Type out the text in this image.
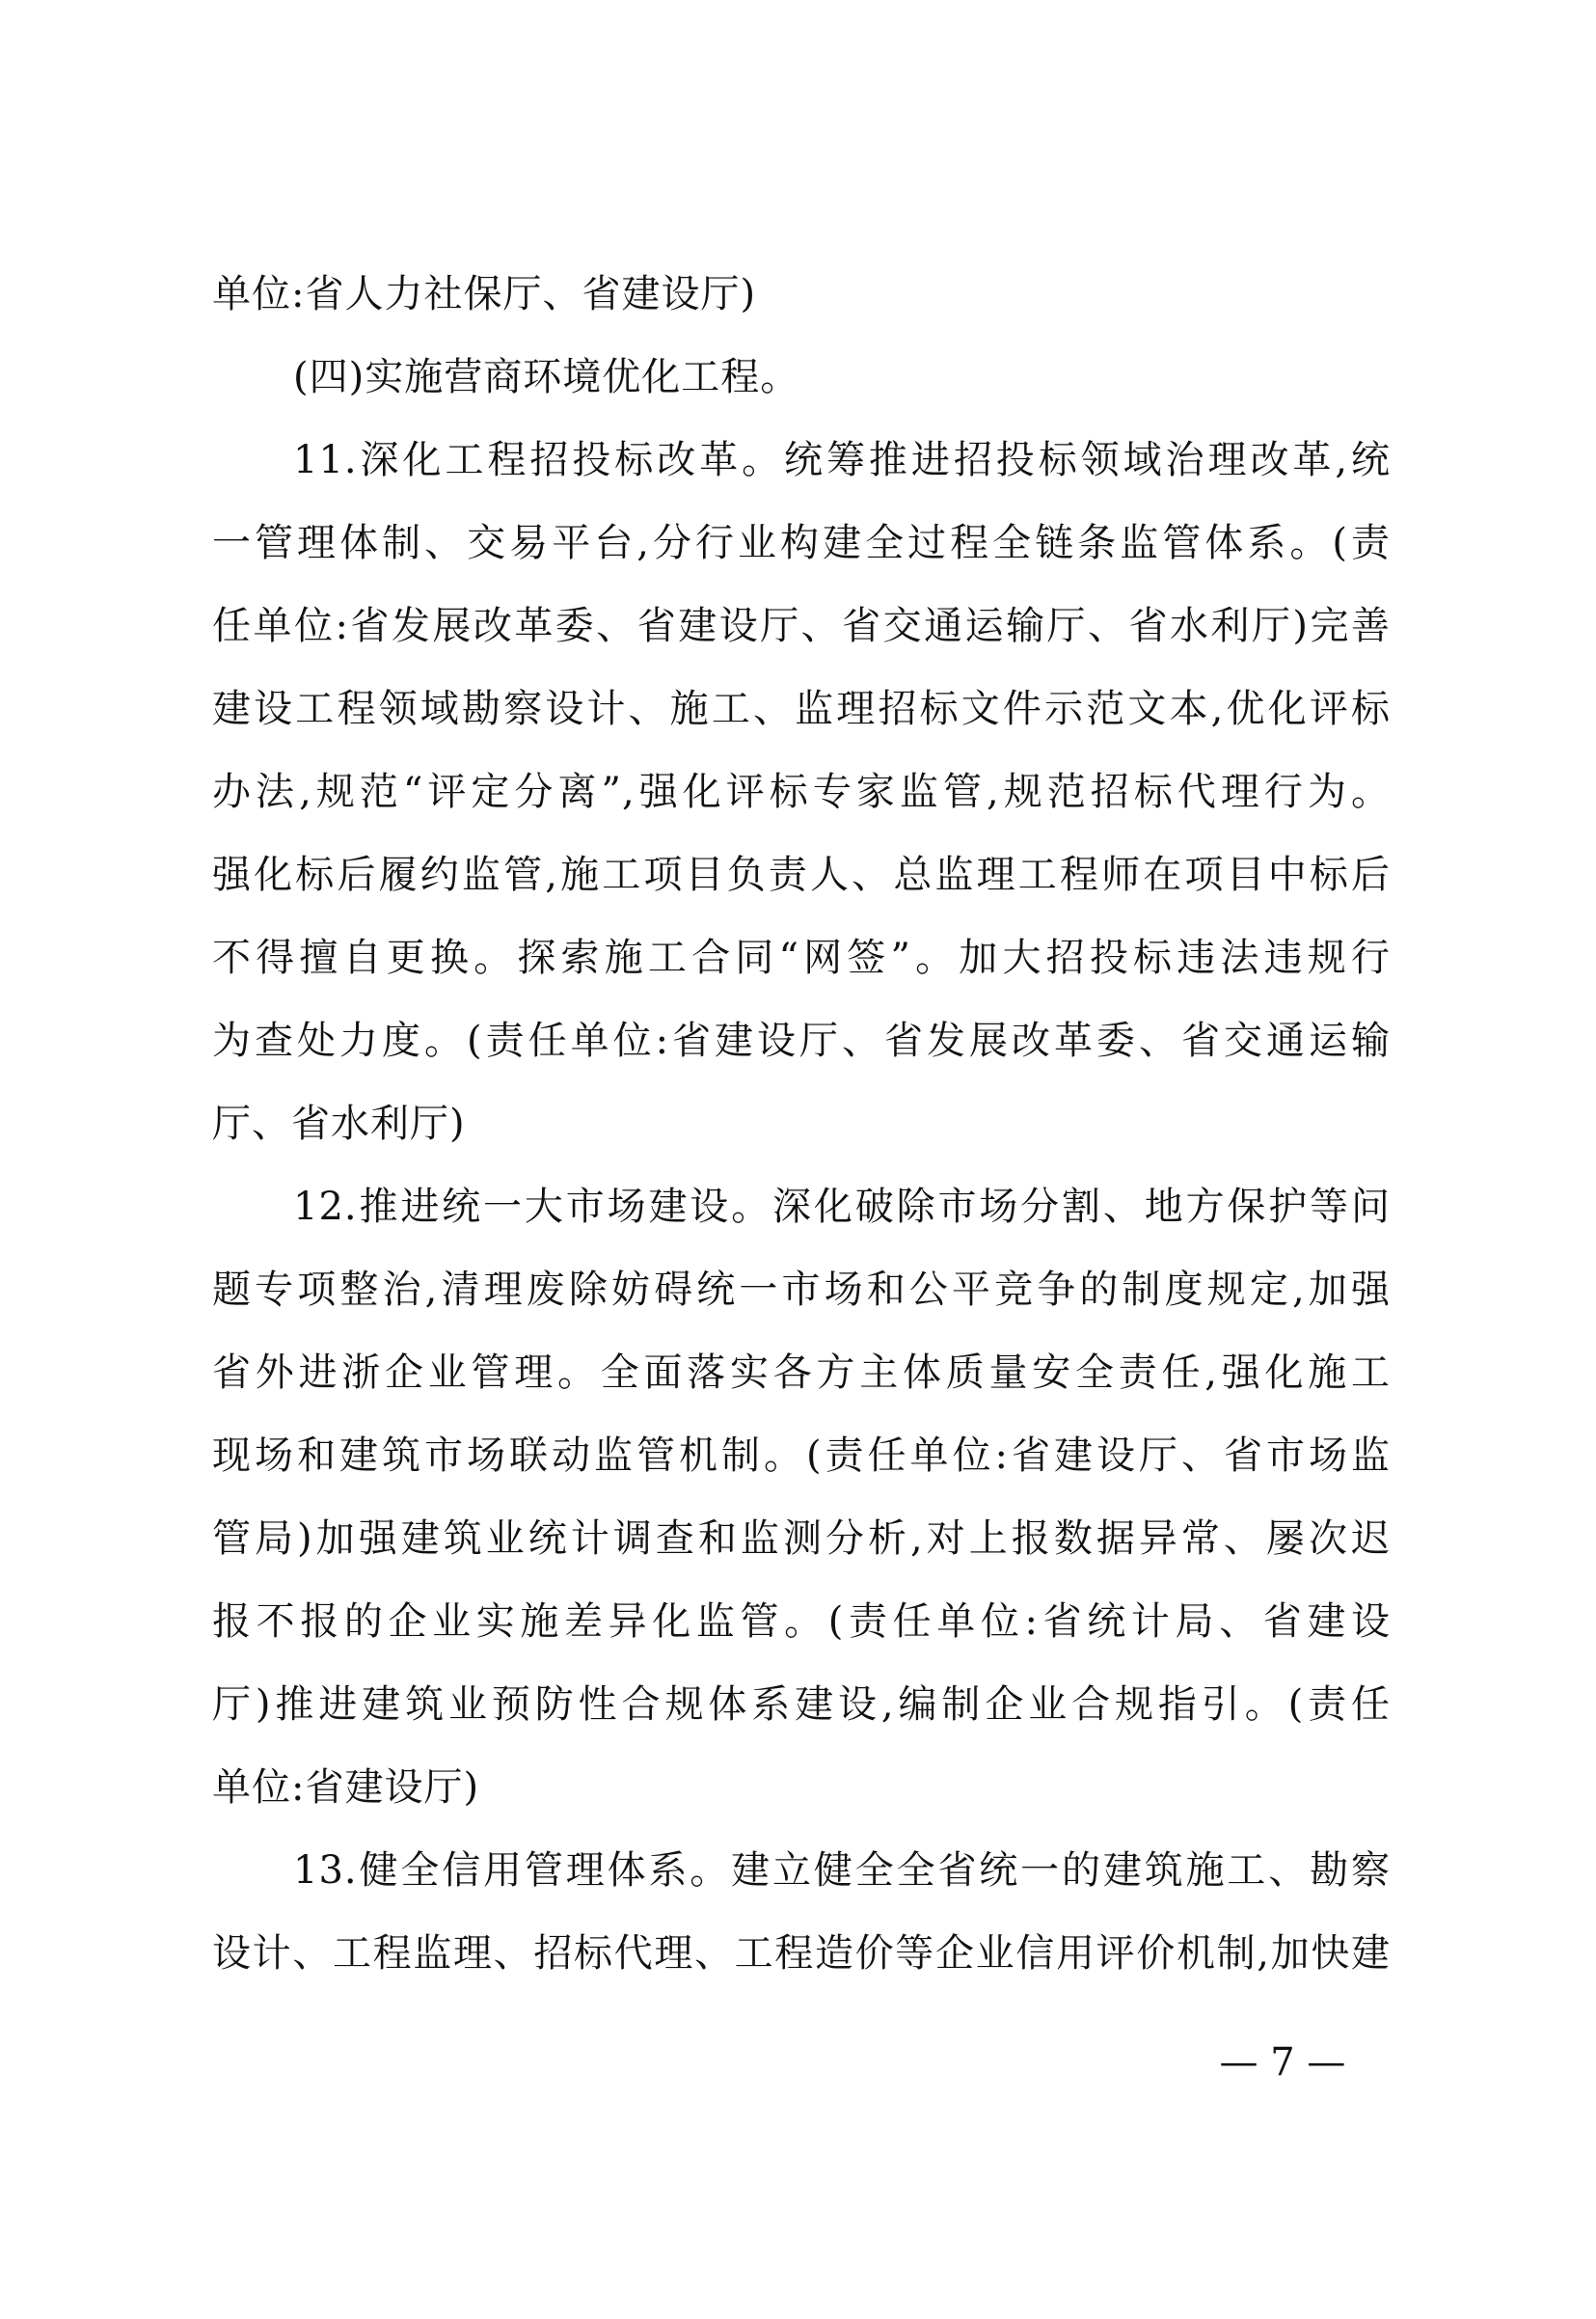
单位:省人力社保厅、省建设厅)
(四)实施营商环境优化工程。
11.深化工程招投标改革。统筹推进招投标领域治理改革,统
一管理体制、交易平台,分行业构建全过程全链条监管体系。(责
任单位:省发展改革委、省建设厅、省交通运输厅、省水利厅)完善
建设工程领域勘察设计、施工、监理招标文件示范文本,优化评标
办法,规范“评定分离”,强化评标专家监管,规范招标代理行为。
强化标后履约监管,施工项目负责人、总监理工程师在项目中标后
不得擅自更换。探索施工合同“网签”。加大招投标违法违规行
为查处力度。(责任单位:省建设厅、省发展改革委、省交通运输
厅、省水利厅)
12.推进统一大市场建设。深化破除市场分割、地方保护等问
题专项整治,清理废除妨碍统一市场和公平竞争的制度规定,加强
省外进浙企业管理。全面落实各方主体质量安全责任,强化施工
现场和建筑市场联动监管机制。(责任单位:省建设厅、省市场监
管局)加强建筑业统计调查和监测分析,对上报数据异常、屡次迟
报不报的企业实施差异化监管。(责任单位:省统计局、省建设
厅)推进建筑业预防性合规体系建设,编制企业合规指引。(责任
单位:省建设厅)
13.健全信用管理体系。建立健全全省统一的建筑施工、勘察
设计、工程监理、招标代理、工程造价等企业信用评价机制,加快建
— 7 —
